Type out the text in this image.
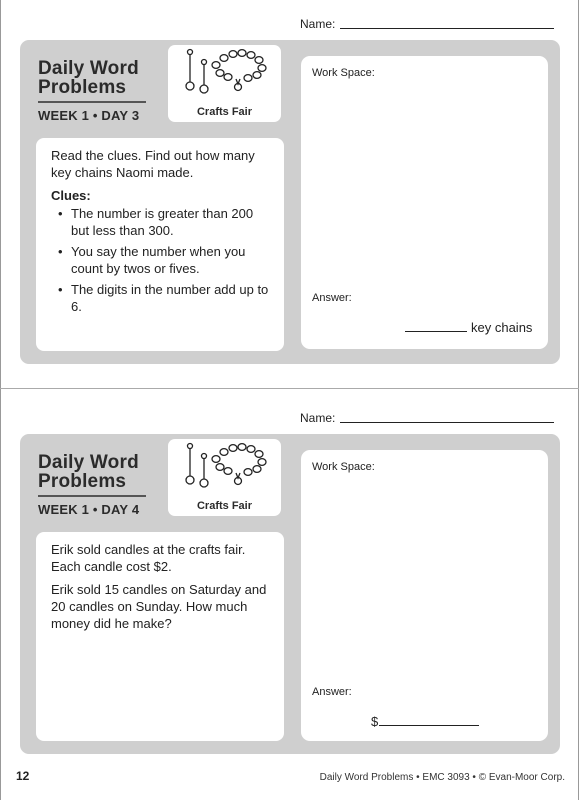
Name:
Daily Word Problems
WEEK 1 • DAY 3	Crafts Fair

Read the clues. Find out how many key chains Naomi made.

Clues:
• The number is greater than 200 but less than 300.
• You say the number when you count by twos or fives.
• The digits in the number add up to 6.
Work Space:
Answer:
key chains
Name:
Daily Word Problems
WEEK 1 • DAY 4	Crafts Fair

Erik sold candles at the crafts fair. Each candle cost $2.

Erik sold 15 candles on Saturday and 20 candles on Sunday. How much money did he make?

Work Space:
Answer:
$
12	Daily Word Problems • EMC 3093 • © Evan-Moor Corp.
